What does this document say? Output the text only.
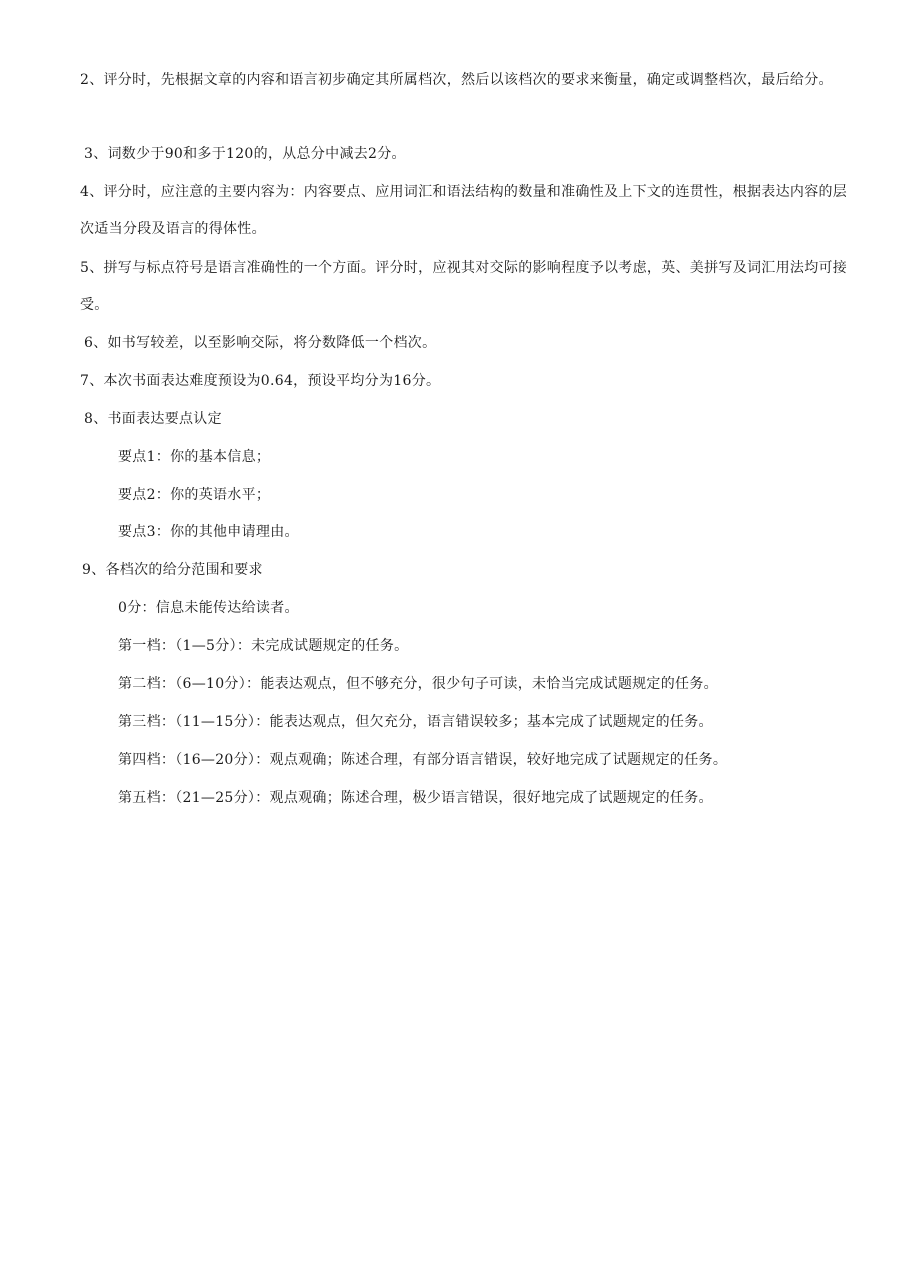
2、评分时，先根据文章的内容和语言初步确定其所属档次，然后以该档次的要求来衡量，确定或调整档次，最后给分。

3、词数少于90和多于120的，从总分中减去2分。

4、评分时，应注意的主要内容为：内容要点、应用词汇和语法结构的数量和准确性及上下文的连贯性，根据表达内容的层次适当分段及语言的得体性。

5、拼写与标点符号是语言准确性的一个方面。评分时，应视其对交际的影响程度予以考虑，英、美拼写及词汇用法均可接受。

6、如书写较差，以至影响交际，将分数降低一个档次。

7、本次书面表达难度预设为0.64，预设平均分为16分。

8、书面表达要点认定

要点1：你的基本信息；

要点2：你的英语水平；

要点3：你的其他申请理由。

9、各档次的给分范围和要求

0分：信息未能传达给读者。

第一档：（1—5分）：未完成试题规定的任务。

第二档：（6—10分）：能表达观点，但不够充分，很少句子可读，未恰当完成试题规定的任务。

第三档：（11—15分）：能表达观点，但欠充分，语言错误较多；基本完成了试题规定的任务。

第四档：（16—20分）：观点观确；陈述合理，有部分语言错误，较好地完成了试题规定的任务。

第五档：（21—25分）：观点观确；陈述合理，极少语言错误，很好地完成了试题规定的任务。
